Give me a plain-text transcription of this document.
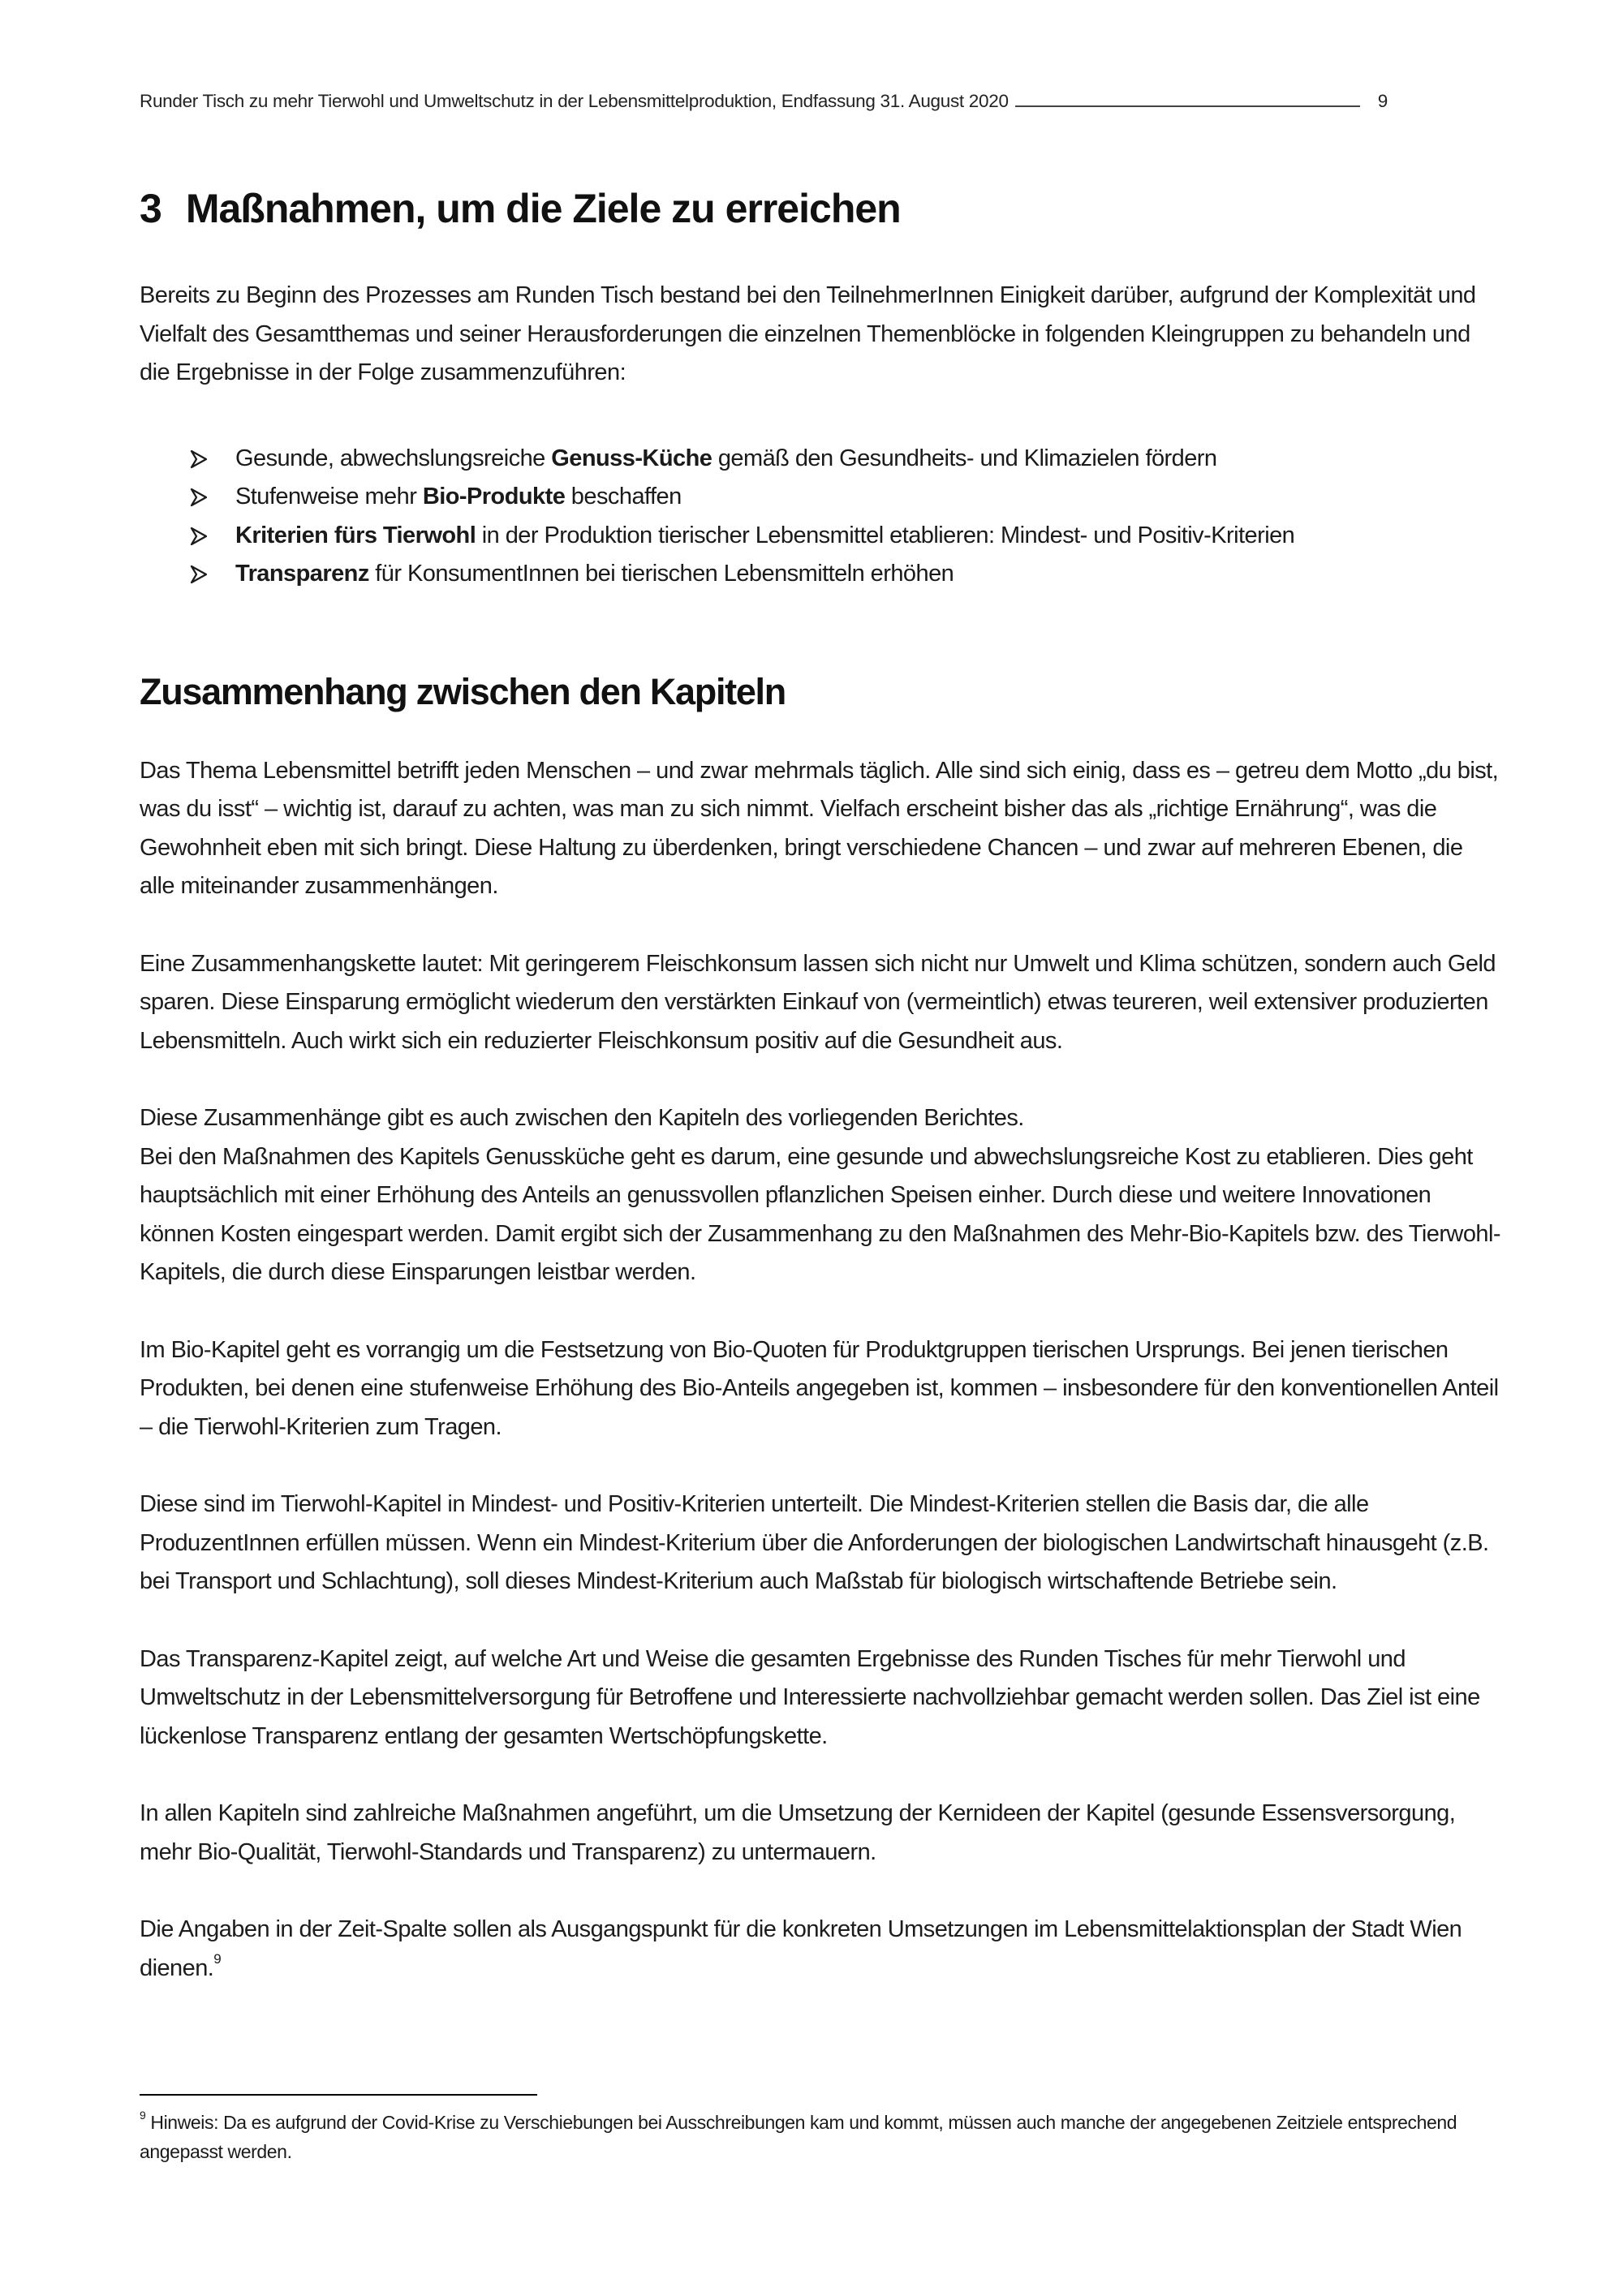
Runder Tisch zu mehr Tierwohl und Umweltschutz in der Lebensmittelproduktion, Endfassung 31. August 2020	9
3 Maßnahmen, um die Ziele zu erreichen

Bereits zu Beginn des Prozesses am Runden Tisch bestand bei den TeilnehmerInnen Einigkeit darüber, aufgrund der Komplexität und Vielfalt des Gesamtthemas und seiner Herausforderungen die einzelnen Themenblöcke in folgenden Kleingruppen zu behandeln und die Ergebnisse in der Folge zusammenzuführen:

Gesunde, abwechslungsreiche Genuss-Küche gemäß den Gesundheits- und Klimazielen fördern
Stufenweise mehr Bio-Produkte beschaffen
Kriterien fürs Tierwohl in der Produktion tierischer Lebensmittel etablieren: Mindest- und Positiv-Kriterien
Transparenz für KonsumentInnen bei tierischen Lebensmitteln erhöhen
Zusammenhang zwischen den Kapiteln

Das Thema Lebensmittel betrifft jeden Menschen – und zwar mehrmals täglich. Alle sind sich einig, dass es – getreu dem Motto „du bist, was du isst“ – wichtig ist, darauf zu achten, was man zu sich nimmt. Vielfach erscheint bisher das als „richtige Ernährung“, was die Gewohnheit eben mit sich bringt. Diese Haltung zu überdenken, bringt verschiedene Chancen – und zwar auf mehreren Ebenen, die alle miteinander zusammenhängen.

Eine Zusammenhangskette lautet: Mit geringerem Fleischkonsum lassen sich nicht nur Umwelt und Klima schützen, sondern auch Geld sparen. Diese Einsparung ermöglicht wiederum den verstärkten Einkauf von (vermeintlich) etwas teureren, weil extensiver produzierten Lebensmitteln. Auch wirkt sich ein reduzierter Fleischkonsum positiv auf die Gesundheit aus.

Diese Zusammenhänge gibt es auch zwischen den Kapiteln des vorliegenden Berichtes.

Bei den Maßnahmen des Kapitels Genussküche geht es darum, eine gesunde und abwechslungsreiche Kost zu etablieren. Dies geht hauptsächlich mit einer Erhöhung des Anteils an genussvollen pflanzlichen Speisen einher. Durch diese und weitere Innovationen können Kosten eingespart werden. Damit ergibt sich der Zusammenhang zu den Maßnahmen des Mehr-Bio-Kapitels bzw. des Tierwohl-Kapitels, die durch diese Einsparungen leistbar werden.

Im Bio-Kapitel geht es vorrangig um die Festsetzung von Bio-Quoten für Produktgruppen tierischen Ursprungs. Bei jenen tierischen Produkten, bei denen eine stufenweise Erhöhung des Bio-Anteils angegeben ist, kommen – insbesondere für den konventionellen Anteil – die Tierwohl-Kriterien zum Tragen.

Diese sind im Tierwohl-Kapitel in Mindest- und Positiv-Kriterien unterteilt. Die Mindest-Kriterien stellen die Basis dar, die alle ProduzentInnen erfüllen müssen. Wenn ein Mindest-Kriterium über die Anforderungen der biologischen Landwirtschaft hinausgeht (z.B. bei Transport und Schlachtung), soll dieses Mindest-Kriterium auch Maßstab für biologisch wirtschaftende Betriebe sein.

Das Transparenz-Kapitel zeigt, auf welche Art und Weise die gesamten Ergebnisse des Runden Tisches für mehr Tierwohl und Umweltschutz in der Lebensmittelversorgung für Betroffene und Interessierte nachvollziehbar gemacht werden sollen. Das Ziel ist eine lückenlose Transparenz entlang der gesamten Wertschöpfungskette.

In allen Kapiteln sind zahlreiche Maßnahmen angeführt, um die Umsetzung der Kernideen der Kapitel (gesunde Essensversorgung, mehr Bio-Qualität, Tierwohl-Standards und Transparenz) zu untermauern.

Die Angaben in der Zeit-Spalte sollen als Ausgangspunkt für die konkreten Umsetzungen im Lebensmittelaktionsplan der Stadt Wien dienen.$^9$

$^9$ Hinweis: Da es aufgrund der Covid-Krise zu Verschiebungen bei Ausschreibungen kam und kommt, müssen auch manche der angegebenen Zeitziele entsprechend angepasst werden.
